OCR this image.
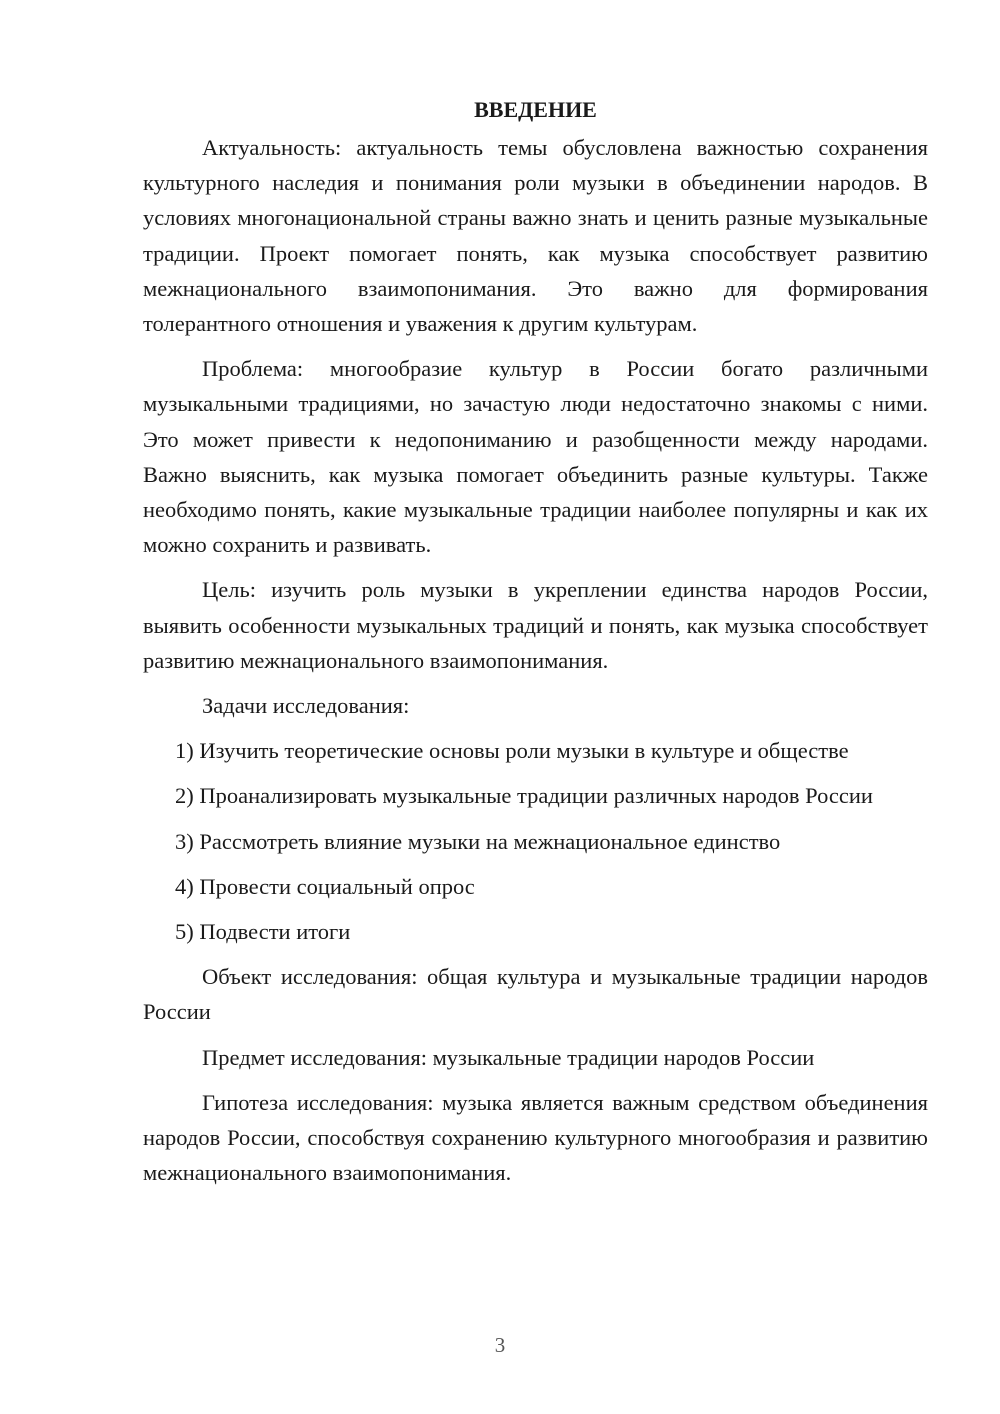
ВВЕДЕНИЕ

Актуальность: актуальность темы обусловлена важностью сохранения культурного наследия и понимания роли музыки в объединении народов. В условиях многонациональной страны важно знать и ценить разные музыкальные традиции. Проект помогает понять, как музыка способствует развитию межнационального взаимопонимания. Это важно для формирования толерантного отношения и уважения к другим культурам.

Проблема: многообразие культур в России богато различными музыкальными традициями, но зачастую люди недостаточно знакомы с ними. Это может привести к недопониманию и разобщенности между народами. Важно выяснить, как музыка помогает объединить разные культуры. Также необходимо понять, какие музыкальные традиции наиболее популярны и как их можно сохранить и развивать.

Цель: изучить роль музыки в укреплении единства народов России, выявить особенности музыкальных традиций и понять, как музыка способствует развитию межнационального взаимопонимания.

Задачи исследования:

1) Изучить теоретические основы роли музыки в культуре и обществе

2) Проанализировать музыкальные традиции различных народов России

3) Рассмотреть влияние музыки на межнациональное единство

4) Провести социальный опрос

5) Подвести итоги

Объект исследования: общая культура и музыкальные традиции народов России

Предмет исследования: музыкальные традиции народов России

Гипотеза исследования: музыка является важным средством объединения народов России, способствуя сохранению культурного многообразия и развитию межнационального взаимопонимания.

3
